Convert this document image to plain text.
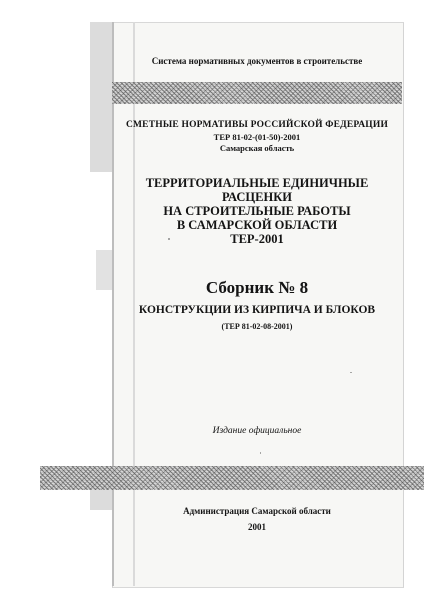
Система нормативных документов в строительстве
СМЕТНЫЕ НОРМАТИВЫ РОССИЙСКОЙ ФЕДЕРАЦИИ
ТЕР 81-02-(01-50)-2001
Самарская область
ТЕРРИТОРИАЛЬНЫЕ ЕДИНИЧНЫЕ РАСЦЕНКИ
НА СТРОИТЕЛЬНЫЕ РАБОТЫ
В САМАРСКОЙ ОБЛАСТИ
ТЕР-2001
Сборник № 8
КОНСТРУКЦИИ ИЗ КИРПИЧА И БЛОКОВ
(ТЕР 81-02-08-2001)
Издание официальное
Администрация Самарской области
2001
